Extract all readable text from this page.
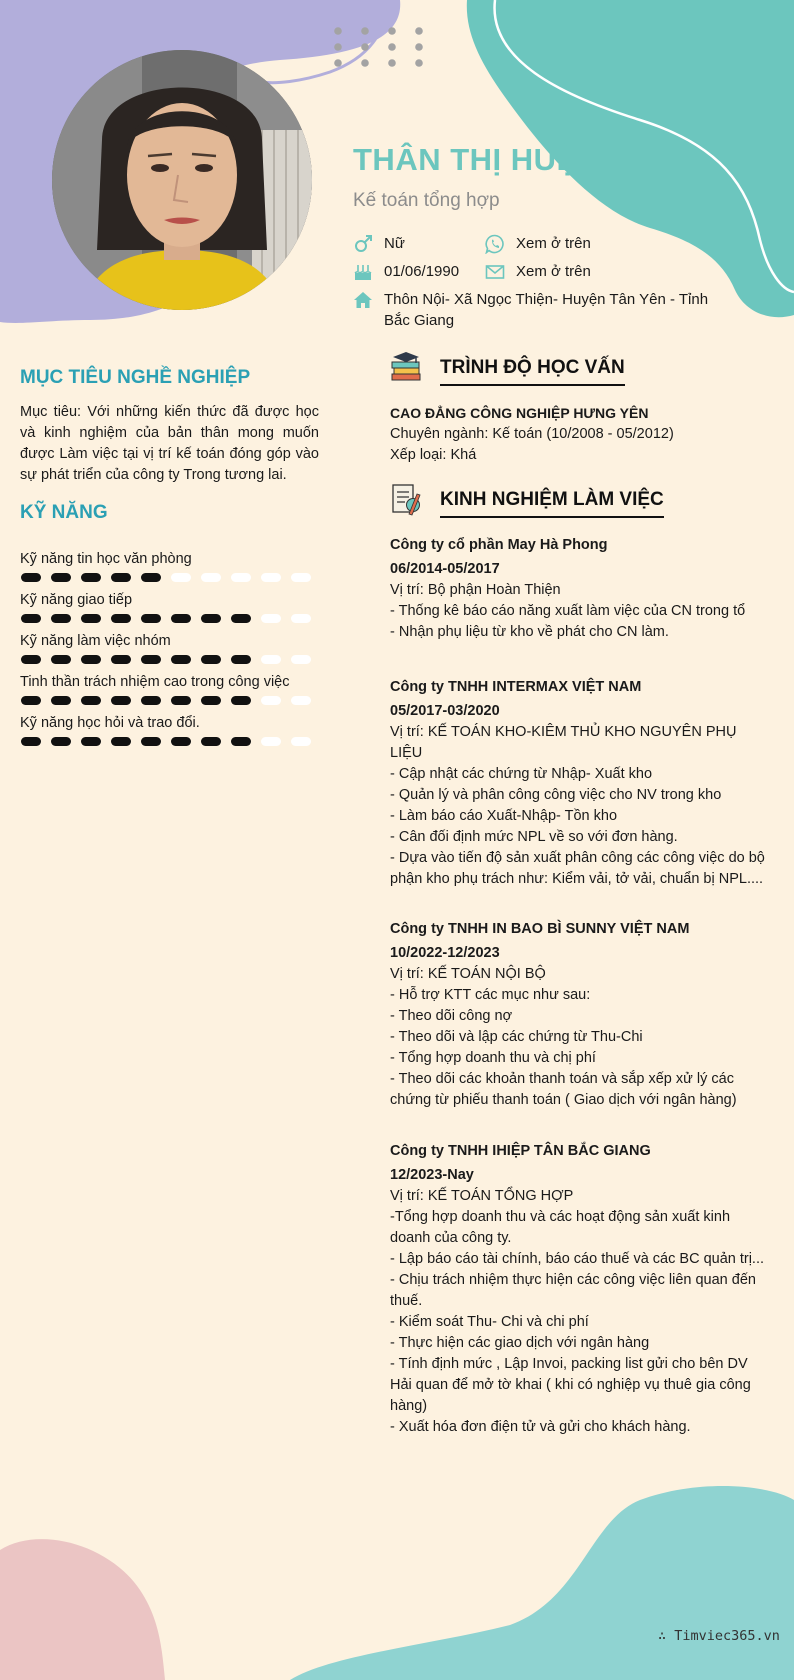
THÂN THỊ HUỆ

Kế toán tổng hợp

Nữ	Xem ở trên
01/06/1990	Xem ở trên
Thôn Nội- Xã Ngọc Thiện- Huyện Tân Yên - Tỉnh
Bắc Giang
MỤC TIÊU NGHỀ NGHIỆP

Mục tiêu: Với những kiến thức đã được học và kinh nghiệm của bản thân mong muốn được Làm việc tại vị trí kế toán đóng góp vào sự phát triển của công ty Trong tương lai.

KỸ NĂNG
Kỹ năng tin học văn phòng
Kỹ năng giao tiếp
Kỹ năng làm việc nhóm
Tinh thần trách nhiệm cao trong công việc
Kỹ năng học hỏi và trao đổi.
TRÌNH ĐỘ HỌC VẤN
CAO ĐẲNG CÔNG NGHIỆP HƯNG YÊN
Chuyên ngành: Kế toán (10/2008 - 05/2012)
Xếp loại: Khá
KINH NGHIỆM LÀM VIỆC
Công ty cổ phần May Hà Phong
06/2014-05/2017
Vị trí: Bộ phận Hoàn Thiện
- Thống kê báo cáo năng xuất làm việc của CN trong tổ
- Nhận phụ liệu từ kho về phát cho CN làm.
Công ty TNHH INTERMAX VIỆT NAM
05/2017-03/2020
Vị trí: KẾ TOÁN KHO-KIÊM THỦ KHO NGUYÊN PHỤ LIỆU
- Cập nhật các chứng từ Nhập- Xuất kho
- Quản lý và phân công công việc cho NV trong kho
- Làm báo cáo Xuất-Nhập- Tồn kho
- Cân đối định mức NPL về so với đơn hàng.
- Dựa vào tiến độ sản xuất phân công các công việc do bộ phận kho phụ trách như: Kiểm vải, tở vải, chuẩn bị NPL....
Công ty TNHH IN BAO BÌ SUNNY VIỆT NAM
10/2022-12/2023
Vị trí: KẾ TOÁN NỘI BỘ
- Hỗ trợ KTT các mục như sau:
- Theo dõi công nợ
- Theo dõi và lập các chứng từ Thu-Chi
- Tổng hợp doanh thu và chị phí
- Theo dõi các khoản thanh toán và sắp xếp xử lý các chứng từ phiếu thanh toán ( Giao dịch với ngân hàng)
Công ty TNHH IHIỆP TÂN BẮC GIANG
12/2023-Nay
Vị trí: KẾ TOÁN TỔNG HỢP
-Tổng hợp doanh thu và các hoạt động sản xuất kinh doanh của công ty.
- Lập báo cáo tài chính, báo cáo thuế và các BC quản trị...
- Chịu trách nhiệm thực hiện các công việc liên quan đến thuế.
- Kiểm soát Thu- Chi và chi phí
- Thực hiện các giao dịch với ngân hàng
- Tính định mức , Lập Invoi, packing list gửi cho bên DV Hải quan để mở tờ khai ( khi có nghiệp vụ thuê gia công hàng)
- Xuất hóa đơn điện tử và gửi cho khách hàng.
∴ Timviec365.vn
